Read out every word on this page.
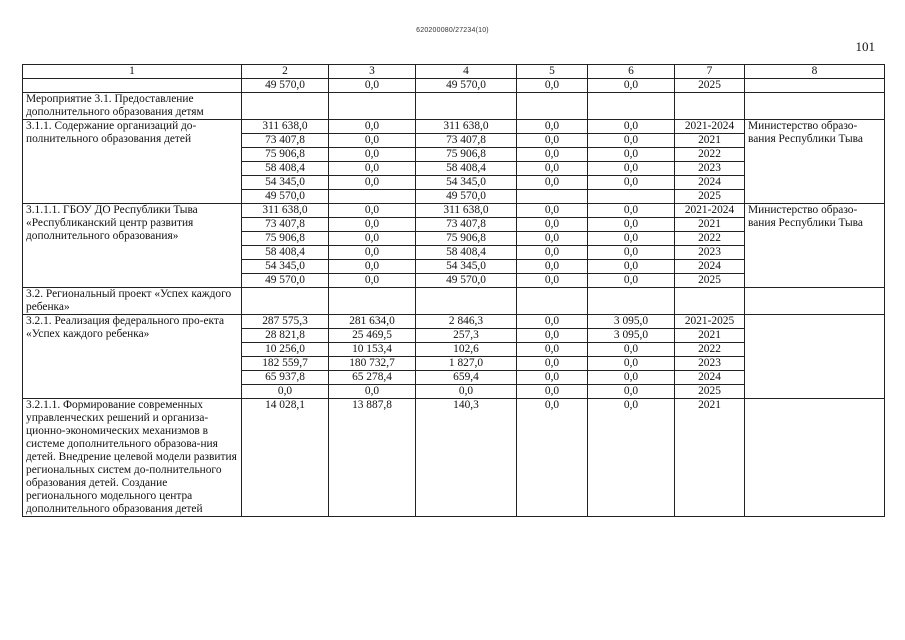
620200080/27234(10)
101
1	2	3	4	5	6	7	8
	49 570,0	0,0	49 570,0	0,0	0,0	2025	
Мероприятие 3.1. Предоставление дополнительного образования детям							
3.1.1. Содержание организаций до-полнительного образования детей	311 638,0	0,0	311 638,0	0,0	0,0	2021-2024	Министерство образо-вания Республики Тыва
	73 407,8	0,0	73 407,8	0,0	0,0	2021	
	75 906,8	0,0	75 906,8	0,0	0,0	2022	
	58 408,4	0,0	58 408,4	0,0	0,0	2023	
	54 345,0	0,0	54 345,0	0,0	0,0	2024	
	49 570,0		49 570,0			2025	
3.1.1.1. ГБОУ ДО Республики Тыва «Республиканский центр развития дополнительного образования»	311 638,0	0,0	311 638,0	0,0	0,0	2021-2024	Министерство образо-вания Республики Тыва
	73 407,8	0,0	73 407,8	0,0	0,0	2021	
	75 906,8	0,0	75 906,8	0,0	0,0	2022	
	58 408,4	0,0	58 408,4	0,0	0,0	2023	
	54 345,0	0,0	54 345,0	0,0	0,0	2024	
	49 570,0	0,0	49 570,0	0,0	0,0	2025	
3.2. Региональный проект «Успех каждого ребенка»							
3.2.1. Реализация федерального про-екта «Успех каждого ребенка»	287 575,3	281 634,0	2 846,3	0,0	3 095,0	2021-2025	
	28 821,8	25 469,5	257,3	0,0	3 095,0	2021	
	10 256,0	10 153,4	102,6	0,0	0,0	2022	
	182 559,7	180 732,7	1 827,0	0,0	0,0	2023	
	65 937,8	65 278,4	659,4	0,0	0,0	2024	
	0,0	0,0	0,0	0,0	0,0	2025	
3.2.1.1. Формирование современных управленческих решений и организа-ционно-экономических механизмов в системе дополнительного образова-ния детей. Внедрение целевой модели развития региональных систем до-полнительного образования детей. Создание регионального модельного центра дополнительного образования детей	14 028,1	13 887,8	140,3	0,0	0,0	2021	
